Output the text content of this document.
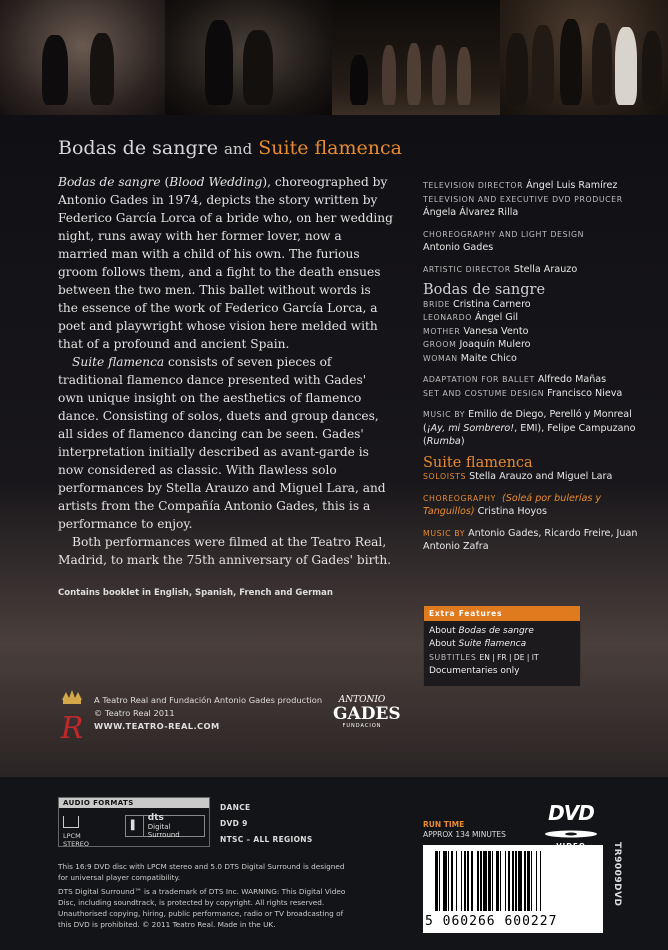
Bodas de sangre and Suite flamenca

Bodas de sangre (Blood Wedding), choreographed by Antonio Gades in 1974, depicts the story written by Federico García Lorca of a bride who, on her wedding night, runs away with her former lover, now a married man with a child of his own. The furious groom follows them, and a fight to the death ensues between the two men. This ballet without words is the essence of the work of Federico García Lorca, a poet and playwright whose vision here melded with that of a profound and ancient Spain.

Suite flamenca consists of seven pieces of traditional flamenco dance presented with Gades' own unique insight on the aesthetics of flamenco dance. Consisting of solos, duets and group dances, all sides of flamenco dancing can be seen. Gades' interpretation initially described as avant-garde is now considered as classic. With flawless solo performances by Stella Arauzo and Miguel Lara, and artists from the Compañía Antonio Gades, this is a performance to enjoy.

Both performances were filmed at the Teatro Real, Madrid, to mark the 75th anniversary of Gades' birth.

Contains booklet in English, Spanish, French and German
TELEVISION DIRECTOR Ángel Luis Ramírez
TELEVISION AND EXECUTIVE DVD PRODUCER
Ángela Álvarez Rilla
CHOREOGRAPHY AND LIGHT DESIGN
Antonio Gades
ARTISTIC DIRECTOR Stella Arauzo
Bodas de sangre
BRIDE Cristina Carnero
LEONARDO Ángel Gil
MOTHER Vanesa Vento
GROOM Joaquín Mulero
WOMAN Maite Chico
ADAPTATION FOR BALLET Alfredo Mañas
SET AND COSTUME DESIGN Francisco Nieva
MUSIC BY Emilio de Diego, Perelló y Monreal (¡Ay, mi Sombrero!, EMI), Felipe Campuzano (Rumba)
Suite flamenca
SOLOISTS Stella Arauzo and Miguel Lara
CHOREOGRAPHY (Soleá por bulerías y Tanguillos) Cristina Hoyos
MUSIC BY Antonio Gades, Ricardo Freire, Juan Antonio Zafra
Extra Features
About Bodas de sangre
About Suite flamenca
SUBTITLES EN | FR | DE | IT
Documentaries only
R
A Teatro Real and Fundación Antonio Gades production
© Teatro Real 2011
WWW.TEATRO-REAL.COM
ANTONIO
GADES
FUNDACION
AUDIO FORMATS
LPCM
STEREO
▌
dts
Digital Surround
DANCE
DVD 9
NTSC – ALL REGIONS

This 16:9 DVD disc with LPCM stereo and 5.0 DTS Digital Surround is designed for universal player compatibility.

DTS Digital Surround™ is a trademark of DTS Inc. WARNING: This Digital Video Disc, including soundtrack, is protected by copyright. All rights reserved. Unauthorised copying, hiring, public performance, radio or TV broadcasting of this DVD is prohibited. © 2011 Teatro Real. Made in the UK.

RUN TIME
APPROX 134 MINUTES
DVD
5 060266 600227
TR9009DVD
